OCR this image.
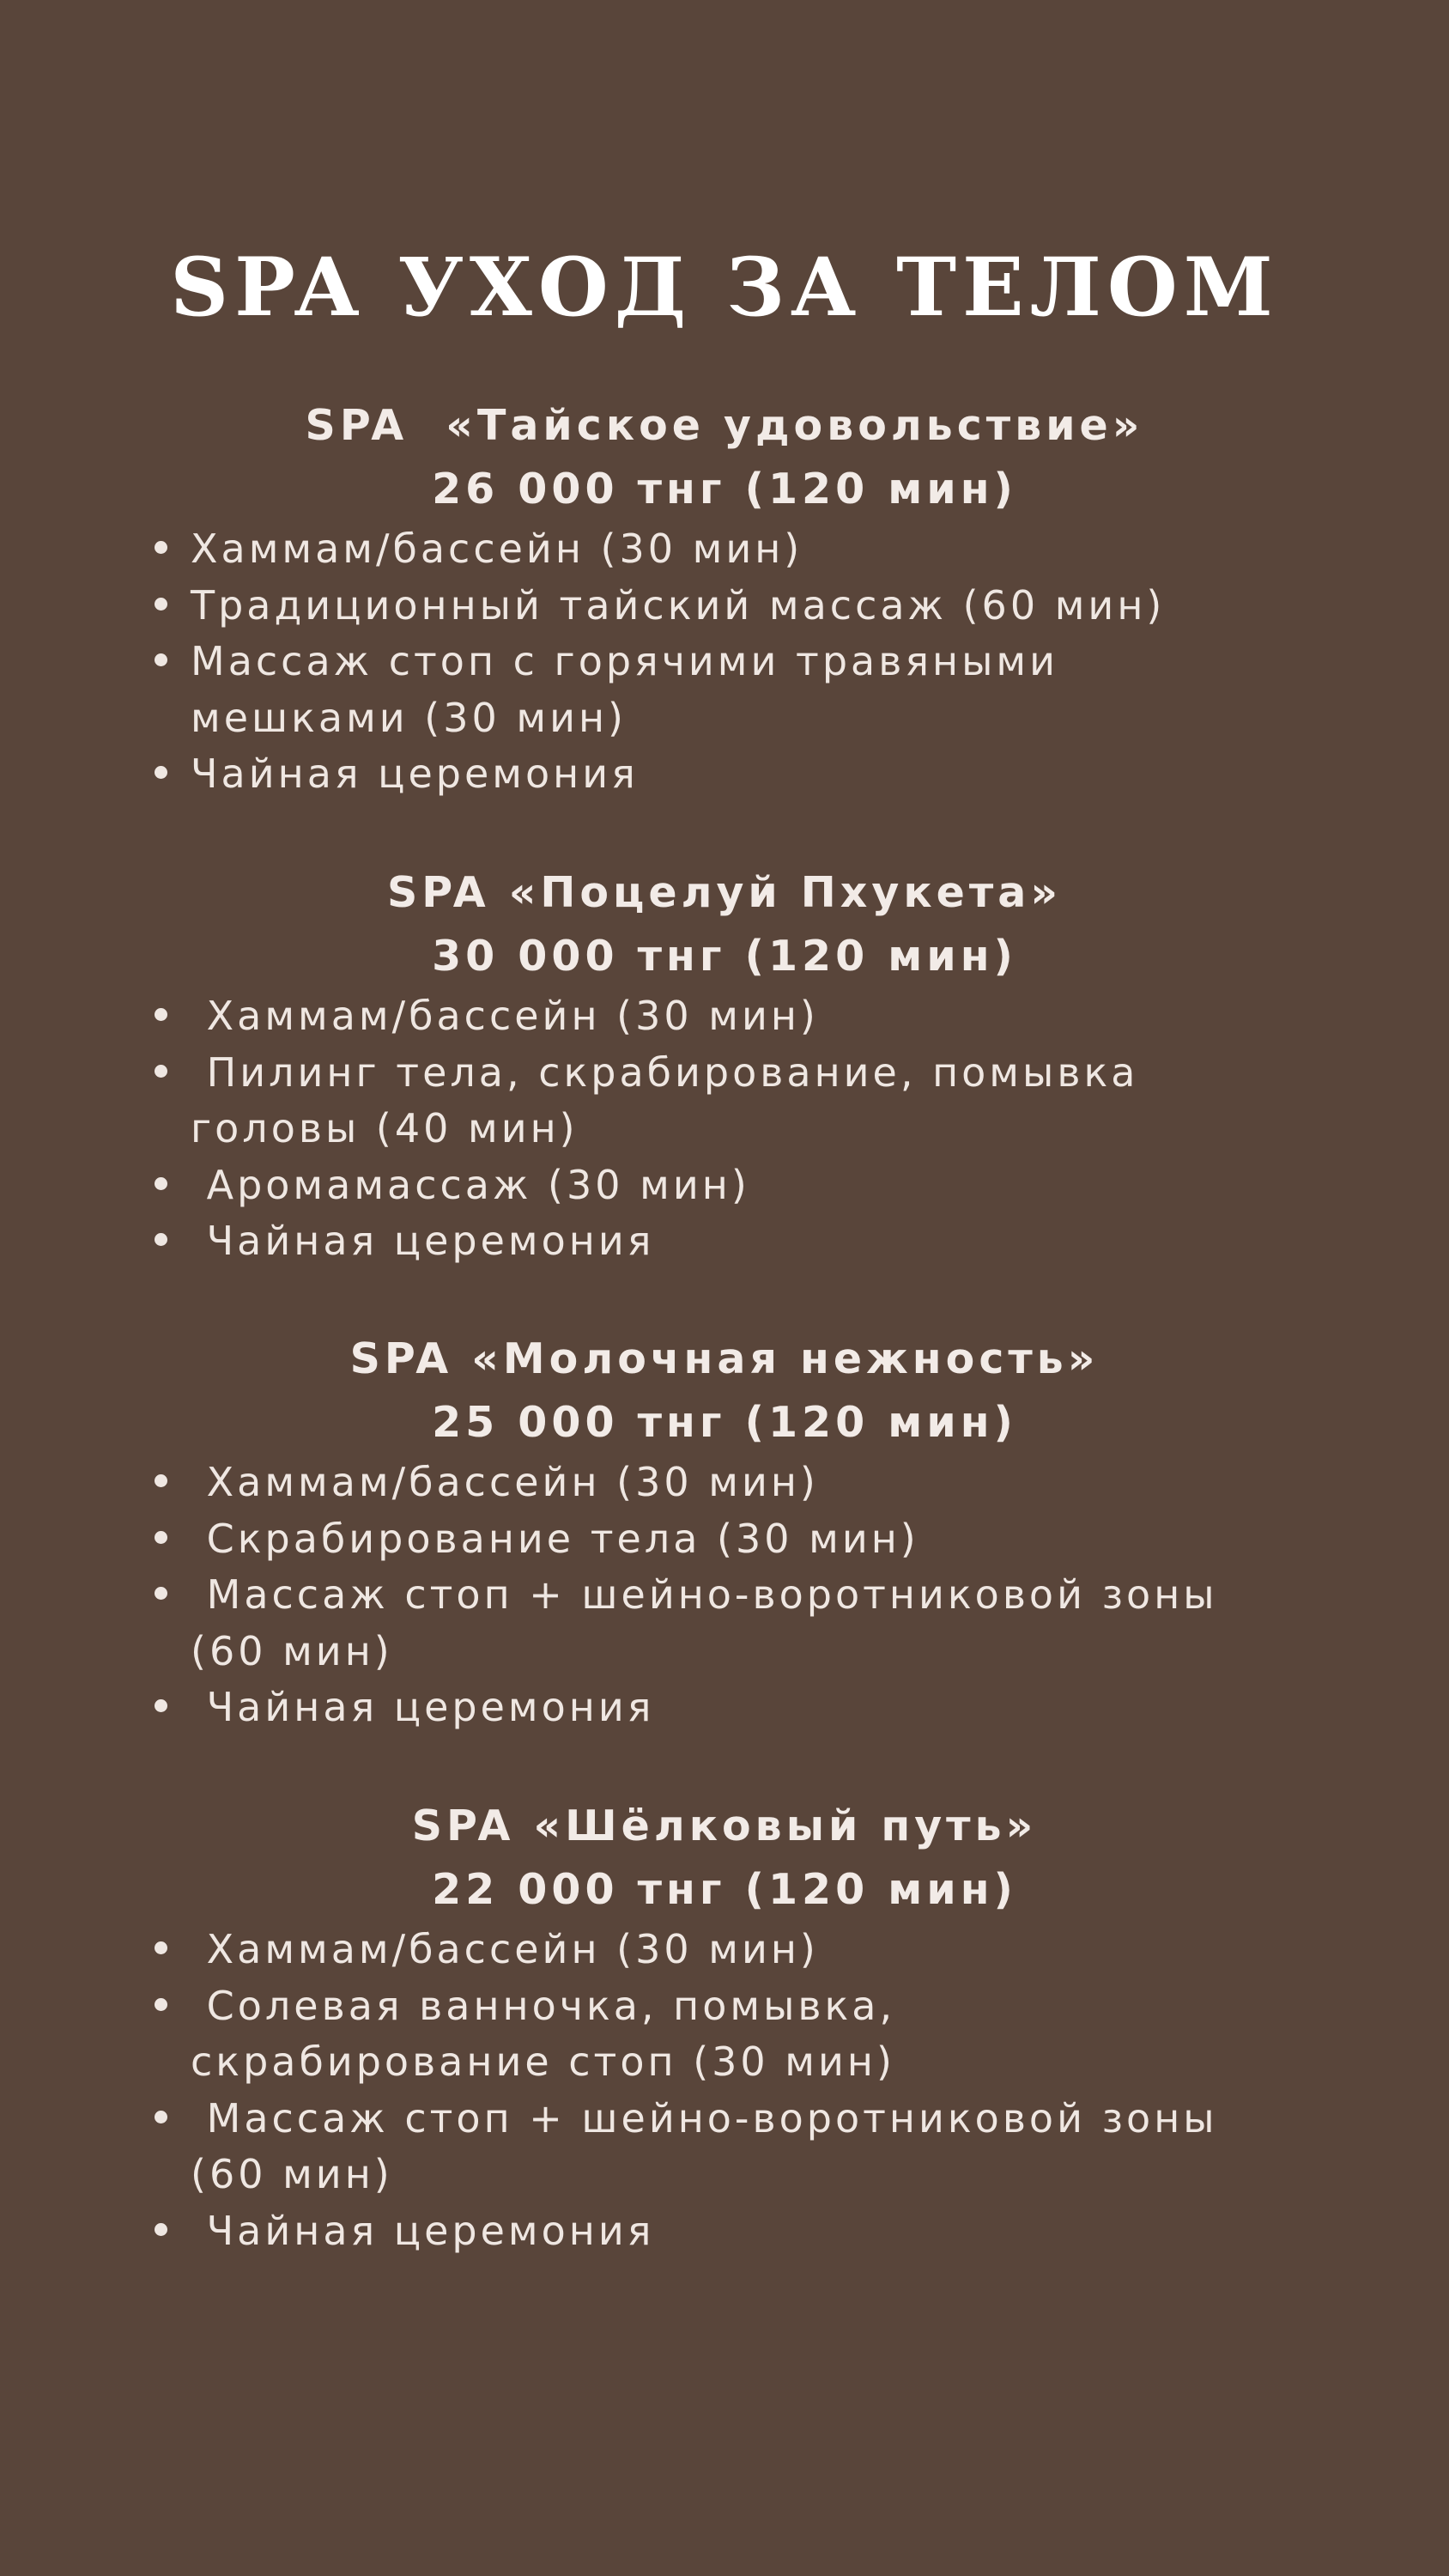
SPA УХОД ЗА ТЕЛОМ
SPA  «Тайское удовольствие»
26 000 тнг (120 мин)
Хаммам/бассейн (30 мин)
Традиционный тайский массаж (60 мин)
Массаж стоп с горячими травяными
мешками (30 мин)
Чайная церемония
SPA «Поцелуй Пхукета»
30 000 тнг (120 мин)
Хаммам/бассейн (30 мин)
Пилинг тела, скрабирование, помывка
головы (40 мин)
Аромамассаж (30 мин)
Чайная церемония
SPA «Молочная нежность»
25 000 тнг (120 мин)
Хаммам/бассейн (30 мин)
Скрабирование тела (30 мин)
Массаж стоп + шейно-воротниковой зоны
(60 мин)
Чайная церемония
SPA «Шёлковый путь»
22 000 тнг (120 мин)
Хаммам/бассейн (30 мин)
Солевая ванночка, помывка,
скрабирование стоп (30 мин)
Массаж стоп + шейно-воротниковой зоны
(60 мин)
Чайная церемония
